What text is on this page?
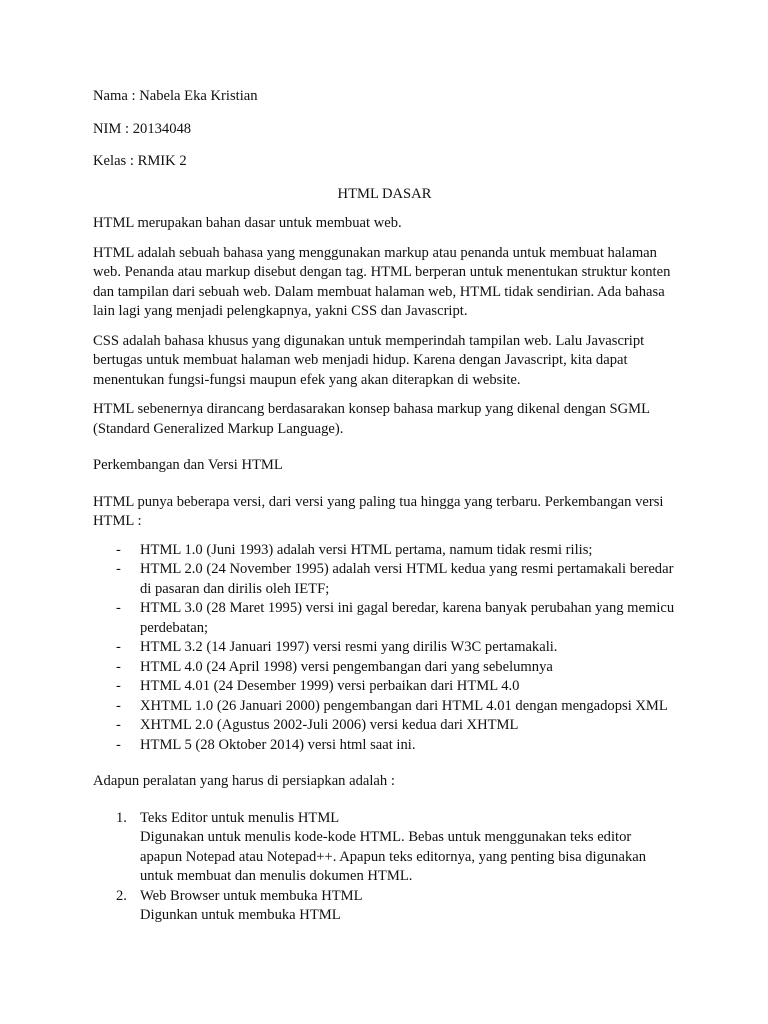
Nama : Nabela Eka Kristian

NIM : 20134048

Kelas : RMIK 2

HTML DASAR

HTML merupakan bahan dasar untuk membuat web.

HTML adalah sebuah bahasa yang menggunakan markup atau penanda untuk membuat halaman web. Penanda atau markup disebut dengan tag. HTML berperan untuk menentukan struktur konten dan tampilan dari sebuah web. Dalam membuat halaman web, HTML tidak sendirian. Ada bahasa lain lagi yang menjadi pelengkapnya, yakni CSS dan Javascript.

CSS adalah bahasa khusus yang digunakan untuk memperindah tampilan web. Lalu Javascript bertugas untuk membuat halaman web menjadi hidup. Karena dengan Javascript, kita dapat menentukan fungsi-fungsi maupun efek yang akan diterapkan di website.

HTML sebenernya dirancang berdasarakan konsep bahasa markup yang dikenal dengan SGML (Standard Generalized Markup Language).

Perkembangan dan Versi HTML

HTML punya beberapa versi, dari versi yang paling tua hingga yang terbaru. Perkembangan versi HTML :

- HTML 1.0 (Juni 1993) adalah versi HTML pertama, namum tidak resmi rilis;
- HTML 2.0 (24 November 1995) adalah versi HTML kedua yang resmi pertamakali beredar di pasaran dan dirilis oleh IETF;
- HTML 3.0 (28 Maret 1995) versi ini gagal beredar, karena banyak perubahan yang memicu perdebatan;
- HTML 3.2 (14 Januari 1997) versi resmi yang dirilis W3C pertamakali.
- HTML 4.0 (24 April 1998) versi pengembangan dari yang sebelumnya
- HTML 4.01 (24 Desember 1999) versi perbaikan dari HTML 4.0
- XHTML 1.0 (26 Januari 2000) pengembangan dari HTML 4.01 dengan mengadopsi XML
- XHTML 2.0 (Agustus 2002-Juli 2006) versi kedua dari XHTML
- HTML 5 (28 Oktober 2014) versi html saat ini.

Adapun peralatan yang harus di persiapkan adalah :

1. Teks Editor untuk menulis HTML
Digunakan untuk menulis kode-kode HTML. Bebas untuk menggunakan teks editor apapun Notepad atau Notepad++. Apapun teks editornya, yang penting bisa digunakan untuk membuat dan menulis dokumen HTML.
2. Web Browser untuk membuka HTML
Digunkan untuk membuka HTML
